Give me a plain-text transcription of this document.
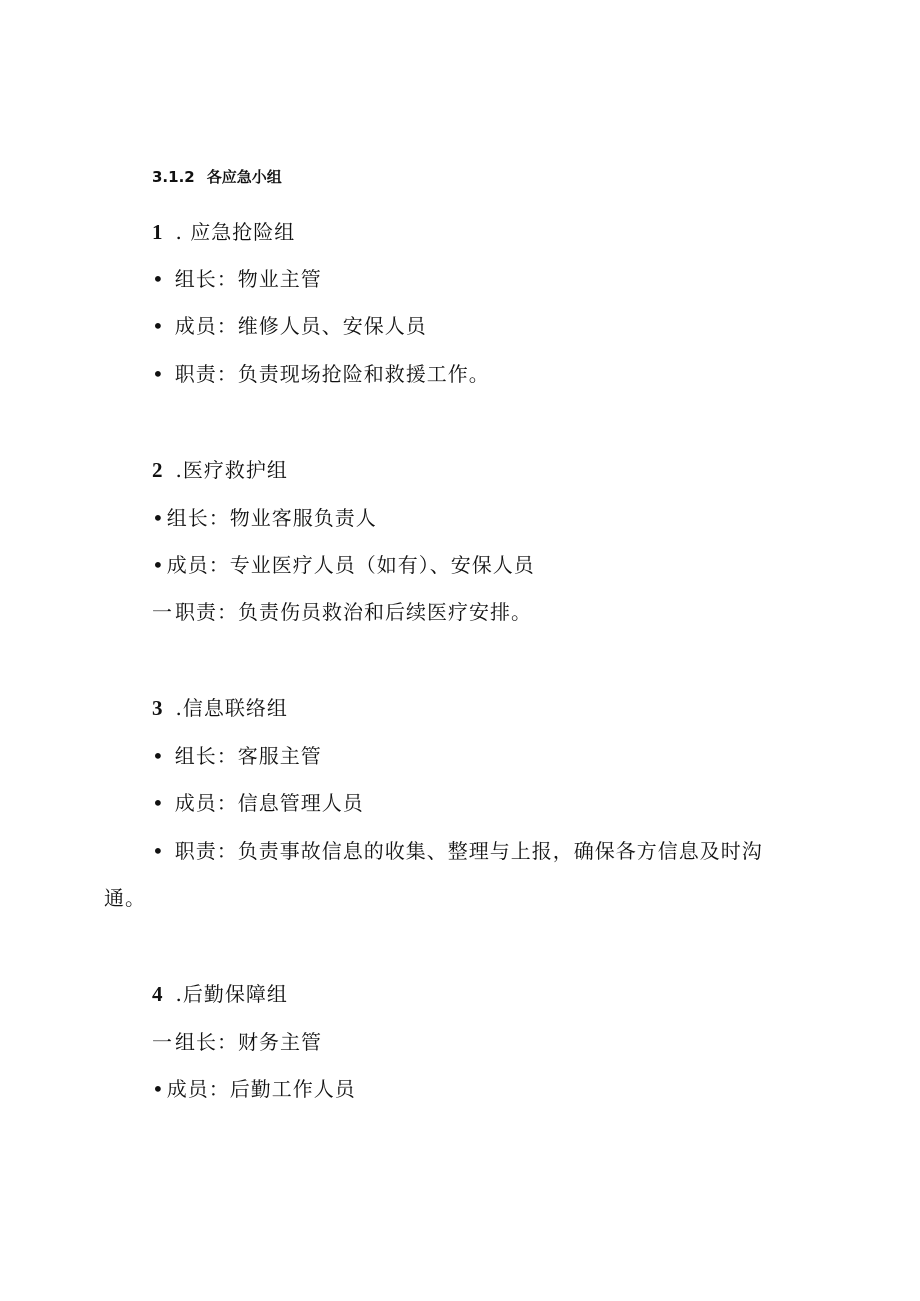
3.1.2 各应急小组
1 . 应急抢险组
• 组长：物业主管
• 成员：维修人员、安保人员
• 职责：负责现场抢险和救援工作。
2 .医疗救护组
• 组长：物业客服负责人
• 成员：专业医疗人员（如有）、安保人员
一 职责：负责伤员救治和后续医疗安排。
3 .信息联络组
• 组长：客服主管
• 成员：信息管理人员
• 职责：负责事故信息的收集、整理与上报，确保各方信息及时沟
通。
4 .后勤保障组
一 组长：财务主管
• 成员：后勤工作人员
